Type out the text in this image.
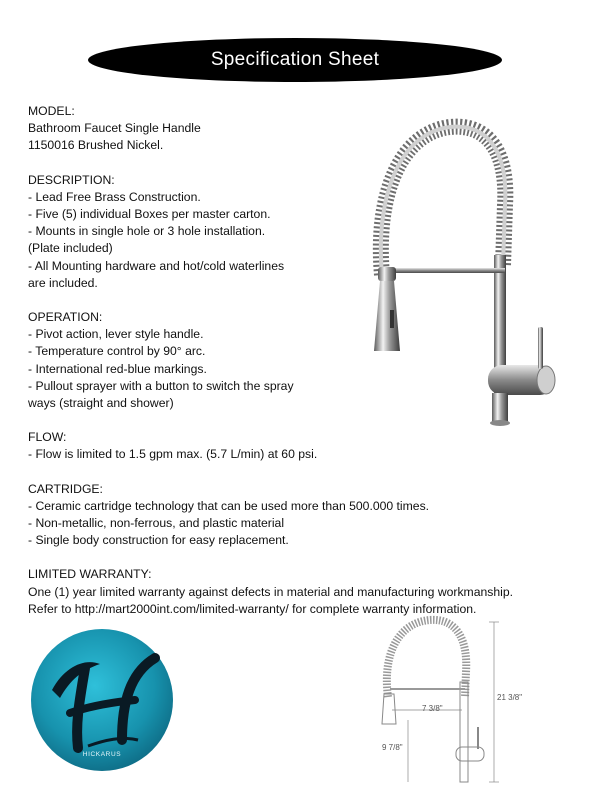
Specification Sheet
MODEL:
Bathroom Faucet Single Handle
1150016 Brushed Nickel.
DESCRIPTION:
- Lead Free Brass Construction.
- Five (5) individual Boxes per master carton.
- Mounts in single hole or 3 hole installation.
(Plate included)
- All Mounting hardware and hot/cold waterlines
are included.
OPERATION:
- Pivot action, lever style handle.
- Temperature control by 90° arc.
- International red-blue markings.
- Pullout sprayer with a button to switch the spray
ways (straight and shower)
FLOW:
- Flow is limited to 1.5 gpm max. (5.7 L/min) at 60 psi.
CARTRIDGE:
- Ceramic cartridge technology that can be used more than 500.000 times.
- Non-metallic, non-ferrous, and plastic material
- Single body construction for easy replacement.
LIMITED WARRANTY:
One (1) year limited warranty against defects in material and manufacturing workmanship.
Refer to http://mart2000int.com/limited-warranty/ for complete warranty information.
7 3/8"
21 3/8"
9 7/8"
HICKARUS
